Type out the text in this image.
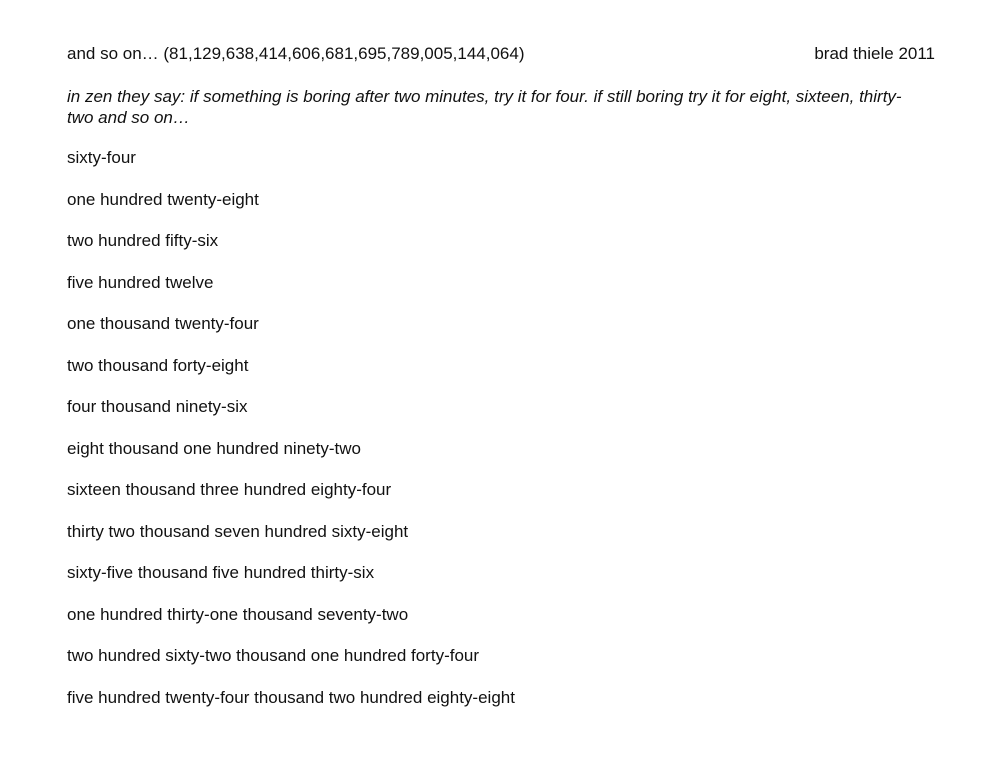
and so on… (81,129,638,414,606,681,695,789,005,144,064)	brad thiele 2011
in zen they say: if something is boring after two minutes, try it for four. if still boring try it for eight, sixteen, thirty-two and so on…
sixty-four
one hundred twenty-eight
two hundred fifty-six
five hundred twelve
one thousand twenty-four
two thousand forty-eight
four thousand ninety-six
eight thousand one hundred ninety-two
sixteen thousand three hundred eighty-four
thirty two thousand seven hundred sixty-eight
sixty-five thousand five hundred thirty-six
one hundred thirty-one thousand seventy-two
two hundred sixty-two thousand one hundred forty-four
five hundred twenty-four thousand two hundred eighty-eight
